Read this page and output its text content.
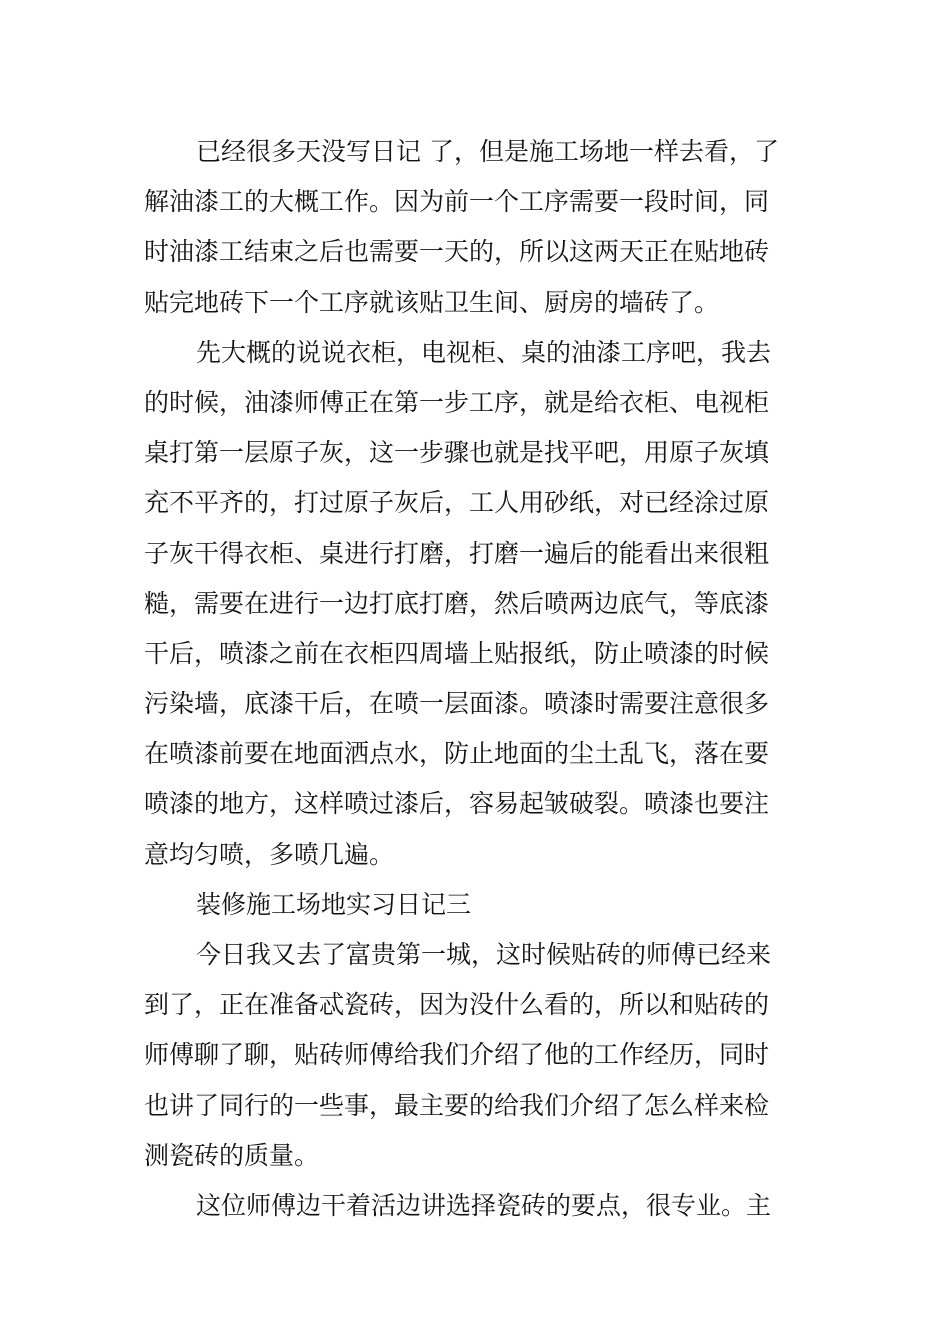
已经很多天没写日记 了，但是施工场地一样去看，了
解油漆工的大概工作。因为前一个工序需要一段时间，同
时油漆工结束之后也需要一天的，所以这两天正在贴地砖
贴完地砖下一个工序就该贴卫生间、厨房的墙砖了。
先大概的说说衣柜，电视柜、桌的油漆工序吧，我去
的时候，油漆师傅正在第一步工序，就是给衣柜、电视柜
桌打第一层原子灰，这一步骤也就是找平吧，用原子灰填
充不平齐的，打过原子灰后，工人用砂纸，对已经涂过原
子灰干得衣柜、桌进行打磨，打磨一遍后的能看出来很粗
糙，需要在进行一边打底打磨，然后喷两边底气，等底漆
干后，喷漆之前在衣柜四周墙上贴报纸，防止喷漆的时候
污染墙，底漆干后，在喷一层面漆。喷漆时需要注意很多
在喷漆前要在地面洒点水，防止地面的尘土乱飞，落在要
喷漆的地方，这样喷过漆后，容易起皱破裂。喷漆也要注
意均匀喷，多喷几遍。
装修施工场地实习日记三
今日我又去了富贵第一城，这时候贴砖的师傅已经来
到了，正在准备忒瓷砖，因为没什么看的，所以和贴砖的
师傅聊了聊，贴砖师傅给我们介绍了他的工作经历，同时
也讲了同行的一些事，最主要的给我们介绍了怎么样来检
测瓷砖的质量。
这位师傅边干着活边讲选择瓷砖的要点，很专业。主
